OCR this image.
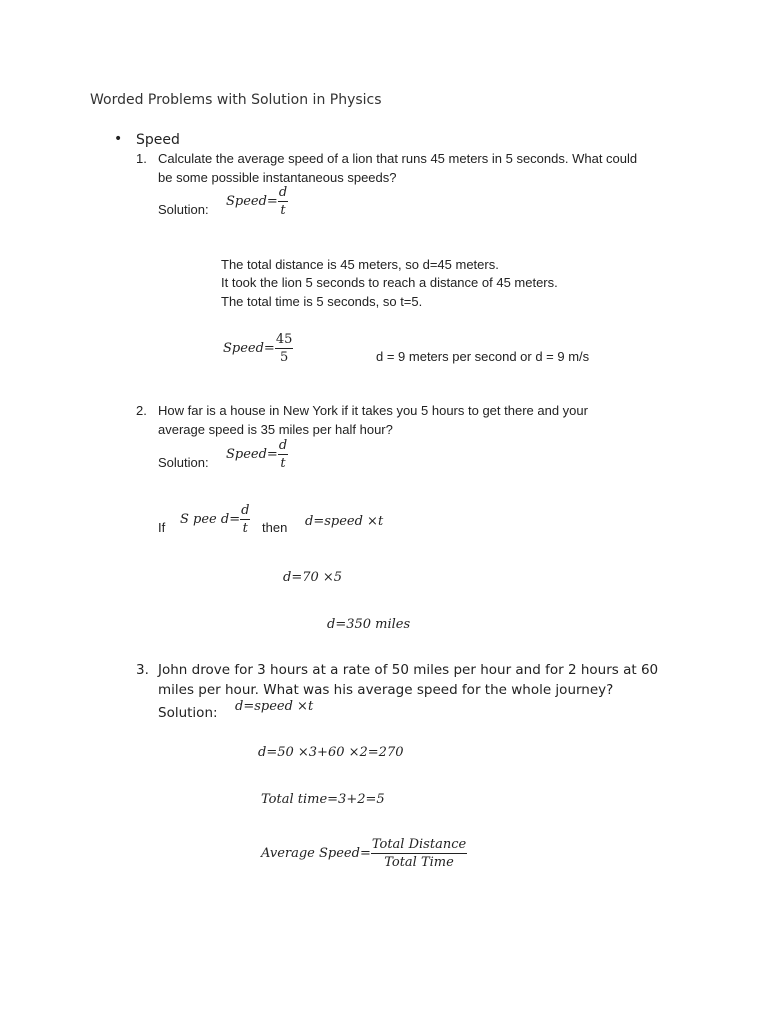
Worded Problems with Solution in Physics
• Speed
1. Calculate the average speed of a lion that runs 45 meters in 5 seconds. What could
be some possible instantaneous speeds?
Solution:
Speed= $\frac{d}{t}$
The total distance is 45 meters, so d=45 meters.
It took the lion 5 seconds to reach a distance of 45 meters.
The total time is 5 seconds, so t=5.
Speed= $\frac{45}{5}$	d = 9 meters per second or d = 9 m/s
2. How far is a house in New York if it takes you 5 hours to get there and your
average speed is 35 miles per half hour?
Solution:
Speed= $\frac{d}{t}$
If
S pee $d= \frac{d}{t}$ then d=speed ×t
d=70 ×5
d=350 miles
3. John drove for 3 hours at a rate of 50 miles per hour and for 2 hours at 60
miles per hour. What was his average speed for the whole journey?
Solution: d=speed ×t
d=50 ×3+60 ×2=270
Total time=3+2=5
Average Speed= $\frac{\text{Total Distance}}{\text{Total Time}}$
